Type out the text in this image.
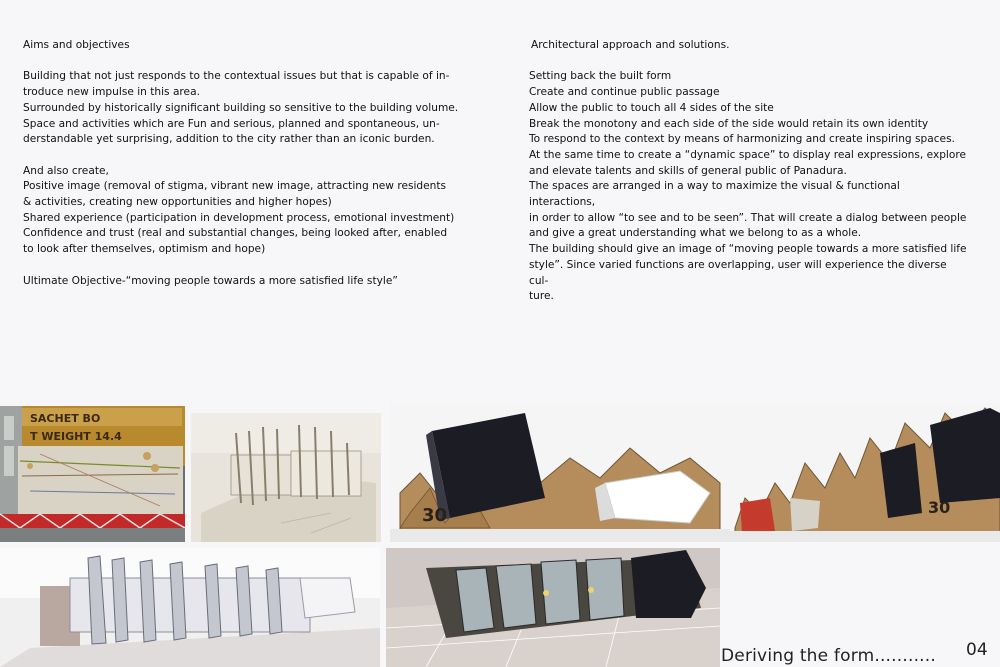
Aims and objectives

Building that not just responds to the contextual issues but that is capable of in-

troduce new impulse in this area.

Surrounded by historically significant building so sensitive to the building volume.

Space and activities which are Fun and serious, planned and spontaneous, un-

derstandable yet surprising, addition to the city rather than an iconic burden.

And also create,

Positive image (removal of stigma, vibrant new image, attracting new residents

& activities, creating new opportunities and higher hopes)

Shared experience (participation in development process, emotional investment)

Confidence and trust (real and substantial changes, being looked after, enabled

to look after themselves, optimism and hope)

Ultimate Objective-“moving people towards a more satisfied life style”

Architectural approach and solutions.

Setting back the built form

Create and continue public passage

Allow the public to touch all 4 sides of the site

Break the monotony and each side of the side would retain its own identity

To respond to the context by means of harmonizing and create inspiring spaces.

At the same time to create a “dynamic space” to display real expressions, explore

and elevate talents and skills of general public of Panadura.

The spaces are arranged in a way to maximize the visual & functional interactions,

in order to allow “to see and to be seen”. That will create a dialog between people

and give a great understanding what we belong to as a whole.

The building should give an image of “moving people towards a more satisfied life

style”. Since varied functions are overlapping, user will experience the diverse cul-

ture.

SACHET BO
T WEIGHT 14.4
30	30
Deriving the form........... 04
